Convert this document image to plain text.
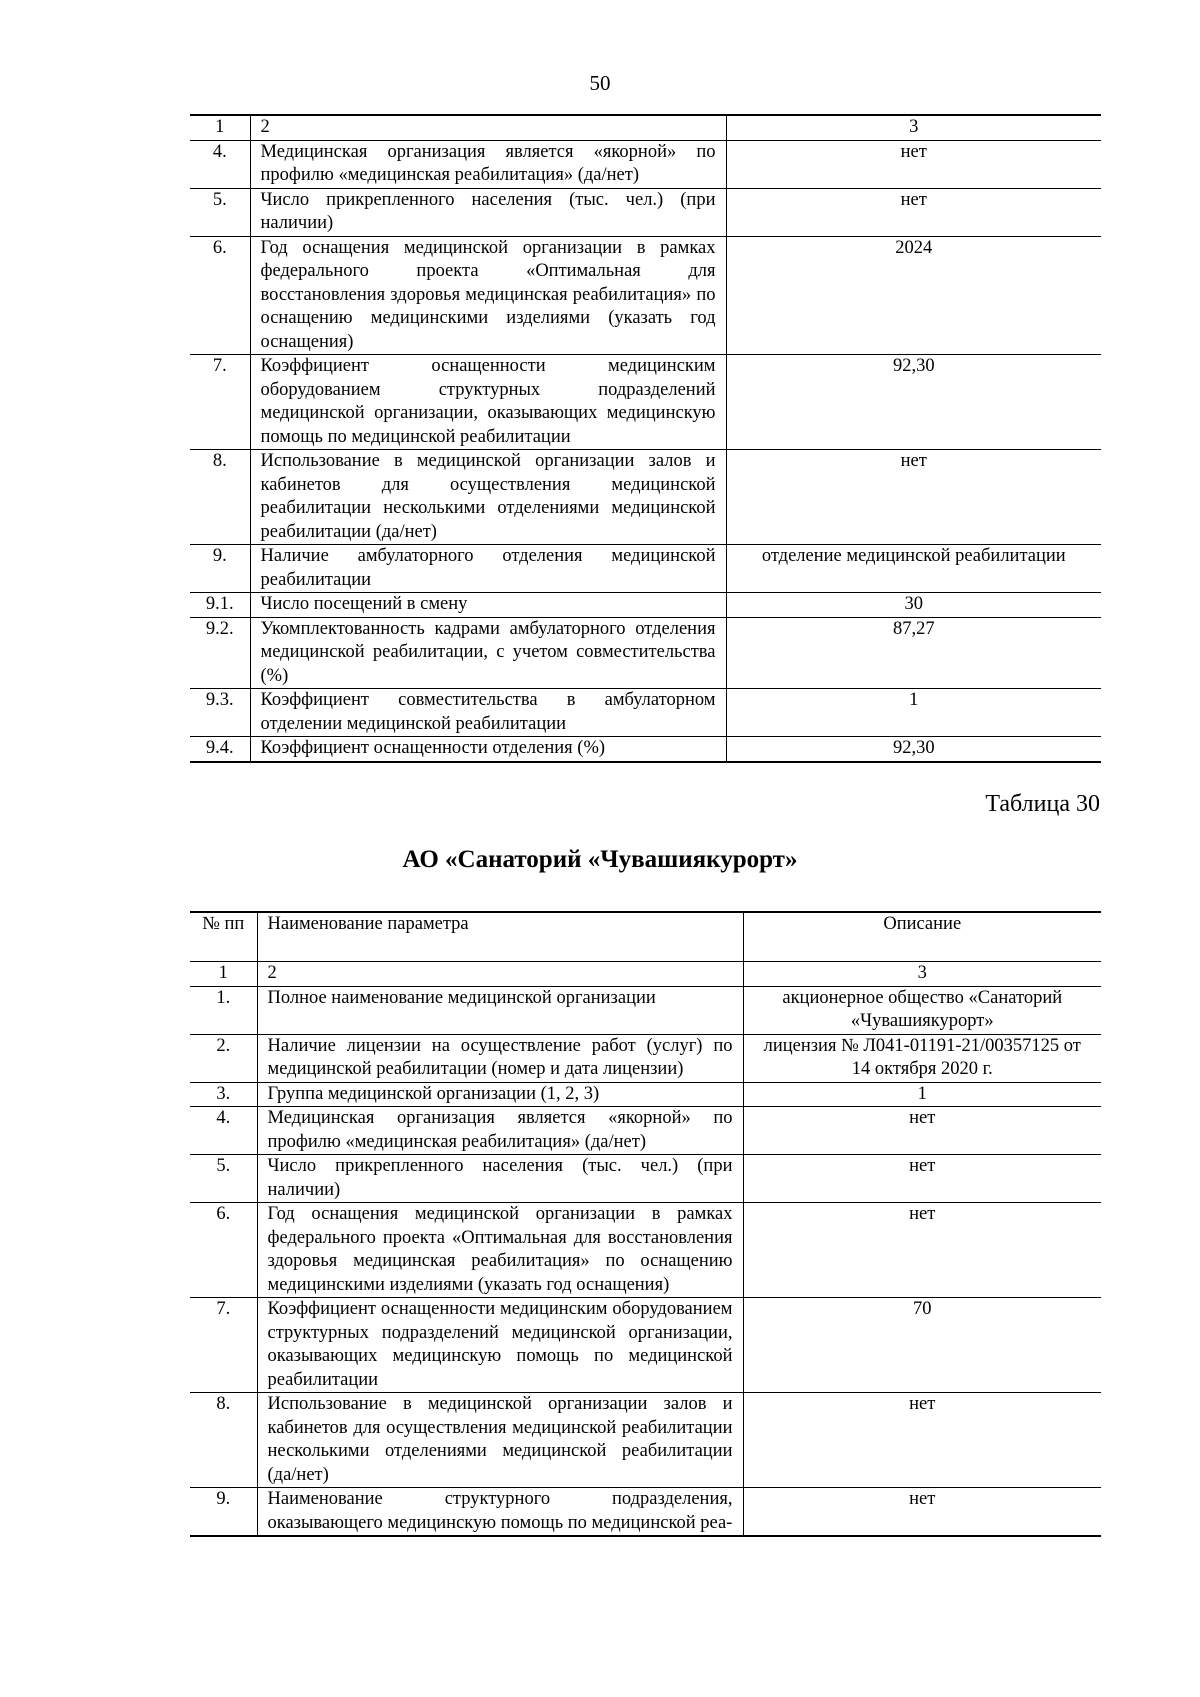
50
1	2	3
4.	Медицинская организация является «якорной» по профилю «медицинская реабилитация» (да/нет)	нет
5.	Число прикрепленного населения (тыс. чел.) (при наличии)	нет
6.	Год оснащения медицинской организации в рамках федерального проекта «Оптимальная для восстановления здоровья медицинская реабилитация» по оснащению медицинскими изделиями (указать год оснащения)	2024
7.	Коэффициент оснащенности медицинским оборудованием структурных подразделений медицинской организации, оказывающих медицинскую помощь по медицинской реабилитации	92,30
8.	Использование в медицинской организации залов и кабинетов для осуществления медицинской реабилитации несколькими отделениями медицинской реабилитации (да/нет)	нет
9.	Наличие амбулаторного отделения медицинской реабилитации	отделение медицинской реабилитации
9.1.	Число посещений в смену	30
9.2.	Укомплектованность кадрами амбулаторного отделения медицинской реабилитации, с учетом совместительства (%)	87,27
9.3.	Коэффициент совместительства в амбулаторном отделении медицинской реабилитации	1
9.4.	Коэффициент оснащенности отделения (%)	92,30
Таблица 30
АО «Санаторий «Чувашиякурорт»
№ пп	Наименование параметра	Описание
1	2	3
1.	Полное наименование медицинской организации	акционерное общество «Санаторий «Чувашиякурорт»
2.	Наличие лицензии на осуществление работ (услуг) по медицинской реабилитации (номер и дата лицензии)	лицензия № Л041-01191-21/00357125 от 14 октября 2020 г.
3.	Группа медицинской организации (1, 2, 3)	1
4.	Медицинская организация является «якорной» по профилю «медицинская реабилитация» (да/нет)	нет
5.	Число прикрепленного населения (тыс. чел.) (при наличии)	нет
6.	Год оснащения медицинской организации в рамках федерального проекта «Оптимальная для восстановления здоровья медицинская реабилитация» по оснащению медицинскими изделиями (указать год оснащения)	нет
7.	Коэффициент оснащенности медицинским оборудованием структурных подразделений медицинской организации, оказывающих медицинскую помощь по медицинской реабилитации	70
8.	Использование в медицинской организации залов и кабинетов для осуществления медицинской реабилитации несколькими отделениями медицинской реабилитации (да/нет)	нет
9.	Наименование структурного подразделения, оказывающего медицинскую помощь по медицинской реа-	нет
